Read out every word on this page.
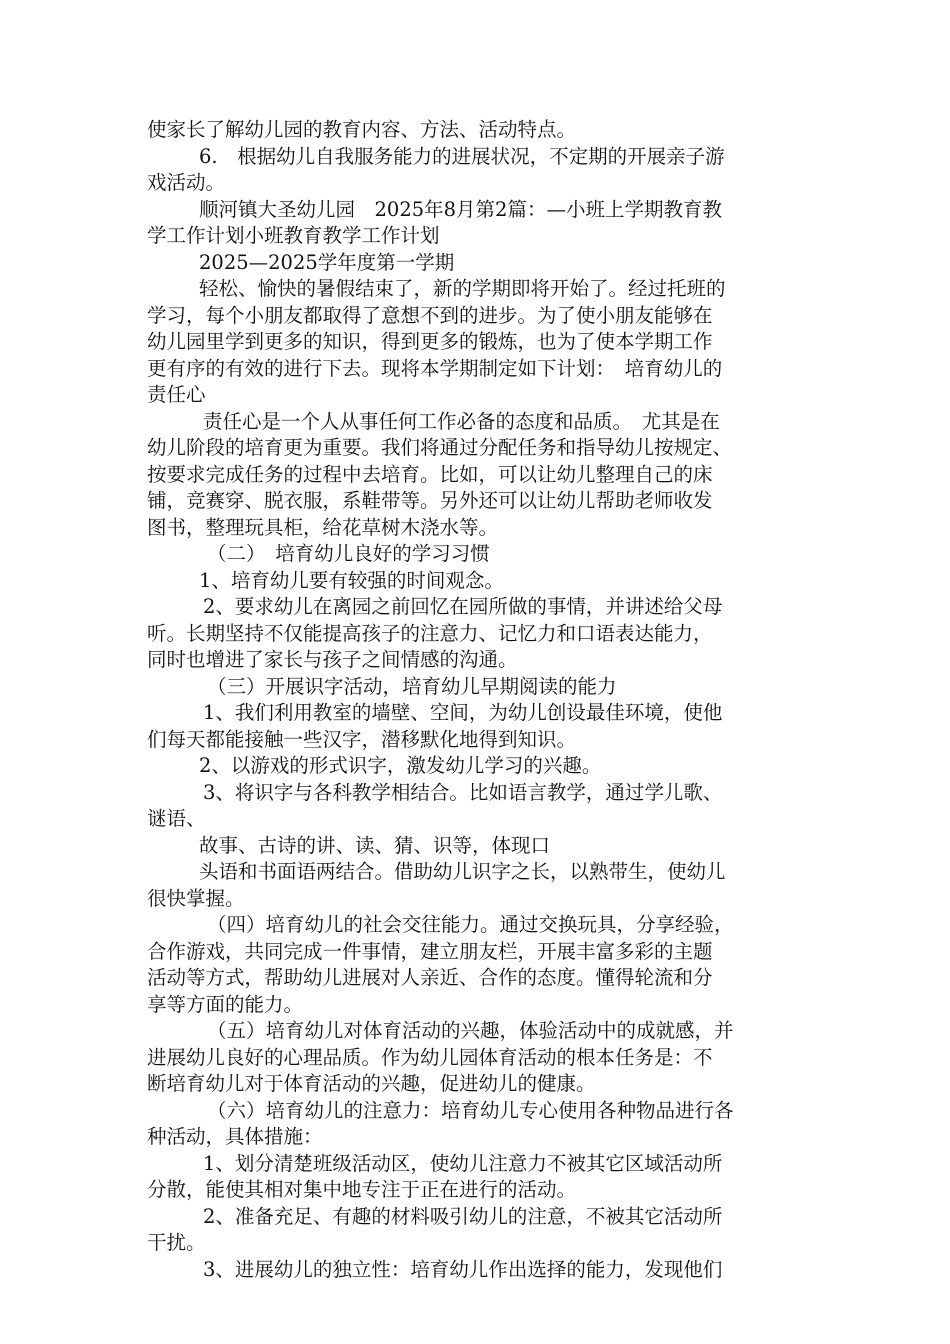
使家长了解幼儿园的教育内容、方法、活动特点。
6.　根据幼儿自我服务能力的进展状况，不定期的开展亲子游
戏活动。
顺河镇大圣幼儿园　2025年8月第2篇：—小班上学期教育教
学工作计划小班教育教学工作计划
2025—2025学年度第一学期
轻松、愉快的暑假结束了，新的学期即将开始了。经过托班的
学习，每个小朋友都取得了意想不到的进步。为了使小朋友能够在
幼儿园里学到更多的知识，得到更多的锻炼，也为了使本学期工作
更有序的有效的进行下去。现将本学期制定如下计划：　培育幼儿的
责任心
责任心是一个人从事任何工作必备的态度和品质。　尤其是在
幼儿阶段的培育更为重要。我们将通过分配任务和指导幼儿按规定、
按要求完成任务的过程中去培育。比如，可以让幼儿整理自己的床
铺，竞赛穿、脱衣服，系鞋带等。另外还可以让幼儿帮助老师收发
图书，整理玩具柜，给花草树木浇水等。
（二）　培育幼儿良好的学习习惯
1、培育幼儿要有较强的时间观念。
2、要求幼儿在离园之前回忆在园所做的事情，并讲述给父母
听。长期坚持不仅能提高孩子的注意力、记忆力和口语表达能力，
同时也增进了家长与孩子之间情感的沟通。
（三）开展识字活动，培育幼儿早期阅读的能力
1、我们利用教室的墙壁、空间，为幼儿创设最佳环境，使他
们每天都能接触一些汉字，潜移默化地得到知识。
2、以游戏的形式识字，激发幼儿学习的兴趣。
3、将识字与各科教学相结合。比如语言教学，通过学儿歌、
谜语、
故事、古诗的讲、读、猜、识等，体现口
头语和书面语两结合。借助幼儿识字之长，以熟带生，使幼儿
很快掌握。
（四）培育幼儿的社会交往能力。通过交换玩具，分享经验，
合作游戏，共同完成一件事情，建立朋友栏，开展丰富多彩的主题
活动等方式，帮助幼儿进展对人亲近、合作的态度。懂得轮流和分
享等方面的能力。
（五）培育幼儿对体育活动的兴趣，体验活动中的成就感，并
进展幼儿良好的心理品质。作为幼儿园体育活动的根本任务是：不
断培育幼儿对于体育活动的兴趣，促进幼儿的健康。
（六）培育幼儿的注意力：培育幼儿专心使用各种物品进行各
种活动，具体措施：
1、划分清楚班级活动区，使幼儿注意力不被其它区域活动所
分散，能使其相对集中地专注于正在进行的活动。
2、准备充足、有趣的材料吸引幼儿的注意，不被其它活动所
干扰。
3、进展幼儿的独立性：培育幼儿作出选择的能力，发现他们
